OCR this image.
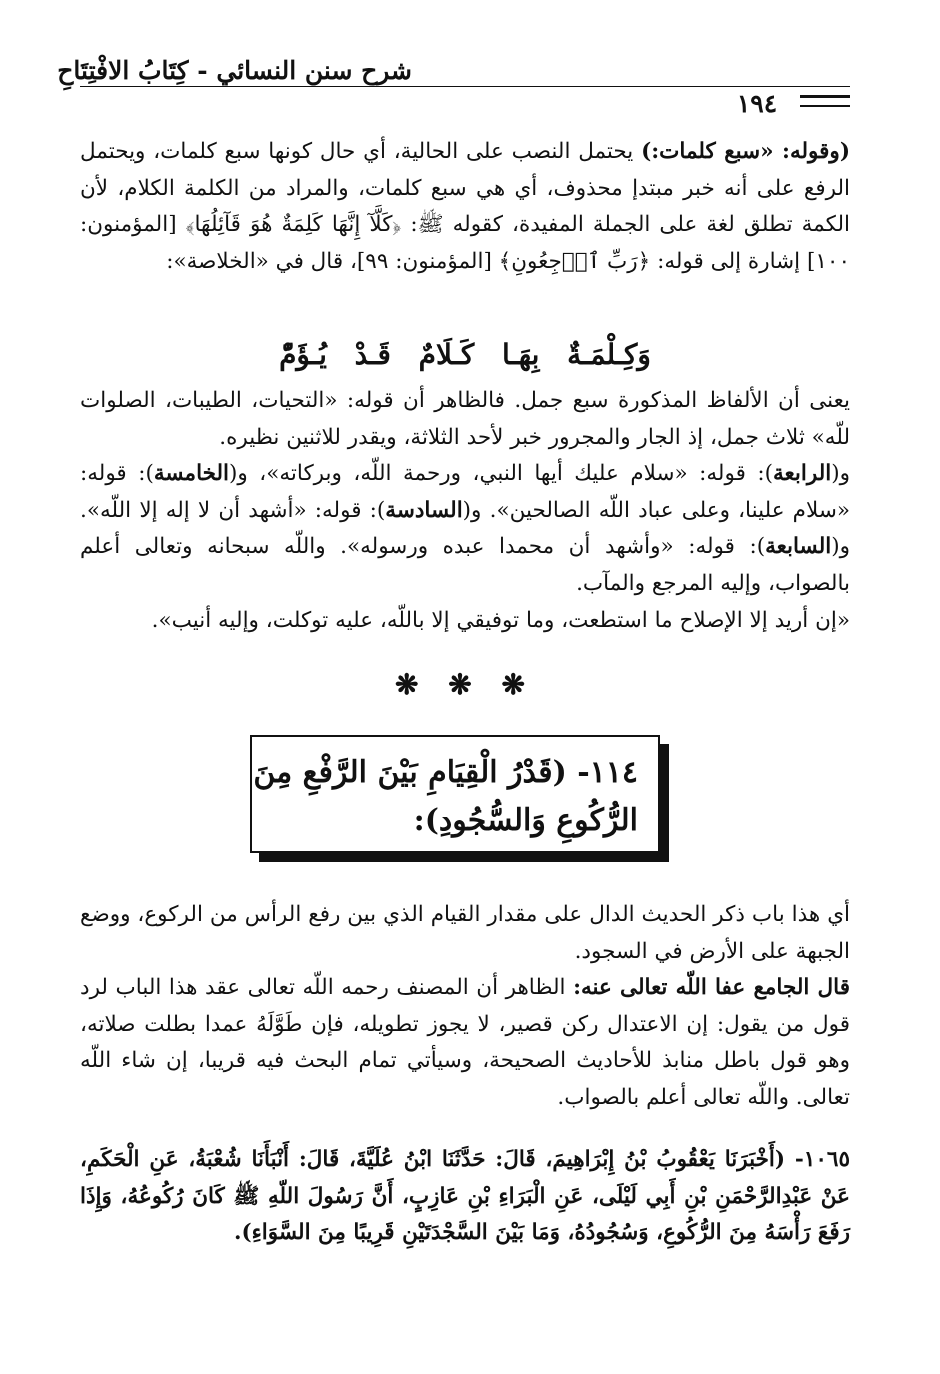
شرح سنن النسائي - كِتَابُ الافْتِتَاحِ
١٩٤

(وقوله: «سبع كلمات:) يحتمل النصب على الحالية، أي حال كونها سبع كلمات، ويحتمل الرفع على أنه خبر مبتدإ محذوف، أي هي سبع كلمات، والمراد من الكلمة الكلام، لأن الكمة تطلق لغة على الجملة المفيدة، كقوله ﷺ: ﴿كَلَّآ إِنَّهَا كَلِمَةٌ هُوَ قَآئِلُهَا﴾ [المؤمنون: ١٠٠] إشارة إلى قوله: ﴿رَبِّ ٱرۡجِعُونِ﴾ [المؤمنون: ٩٩]، قال في «الخلاصة»:

وَكِـلْمَـةٌ بِهَـا كَـلَامٌ قَـدْ يُـؤَمّْ

يعنى أن الألفاظ المذكورة سبع جمل. فالظاهر أن قوله: «التحيات، الطيبات، الصلوات للّه» ثلاث جمل، إذ الجار والمجرور خبر لأحد الثلاثة، ويقدر للاثنين نظيره.

و(الرابعة): قوله: «سلام عليك أيها النبي، ورحمة اللّه، وبركاته»، و(الخامسة): قوله: «سلام علينا، وعلى عباد اللّه الصالحين». و(السادسة): قوله: «أشهد أن لا إله إلا اللّه». و(السابعة): قوله: «وأشهد أن محمدا عبده ورسوله». واللّه سبحانه وتعالى أعلم بالصواب، وإليه المرجع والمآب.

«إن أريد إلا الإصلاح ما استطعت، وما توفيقي إلا باللّه، عليه توكلت، وإليه أنيب».

❋ ❋ ❋
١١٤- (قَدْرُ الْقِيَامِ بَيْنَ الرَّفْعِ مِنَ
الرُّكُوعِ وَالسُّجُودِ):

أي هذا باب ذكر الحديث الدال على مقدار القيام الذي بين رفع الرأس من الركوع، ووضع الجبهة على الأرض في السجود.

قال الجامع عفا اللّه تعالى عنه: الظاهر أن المصنف رحمه اللّه تعالى عقد هذا الباب لرد قول من يقول: إن الاعتدال ركن قصير، لا يجوز تطويله، فإن طَوَّلَهُ عمدا بطلت صلاته، وهو قول باطل منابذ للأحاديث الصحيحة، وسيأتي تمام البحث فيه قريبا، إن شاء اللّه تعالى. واللّه تعالى أعلم بالصواب.

١٠٦٥- (أَخْبَرَنَا يَعْقُوبُ بْنُ إِبْرَاهِيمَ، قَالَ: حَدَّثَنَا ابْنُ عُلَيَّةَ، قَالَ: أَنْبَأَنَا شُعْبَةُ، عَنِ الْحَكَمِ، عَنْ عَبْدِالرَّحْمَنِ بْنِ أَبِي لَيْلَى، عَنِ الْبَرَاءِ بْنِ عَازِبٍ، أَنَّ رَسُولَ اللّهِ ﷺ كَانَ رُكُوعُهُ، وَإِذَا رَفَعَ رَأْسَهُ مِنَ الرُّكُوعِ، وَسُجُودُهُ، وَمَا بَيْنَ السَّجْدَتَيْنِ قَرِيبًا مِنَ السَّوَاءِ).
